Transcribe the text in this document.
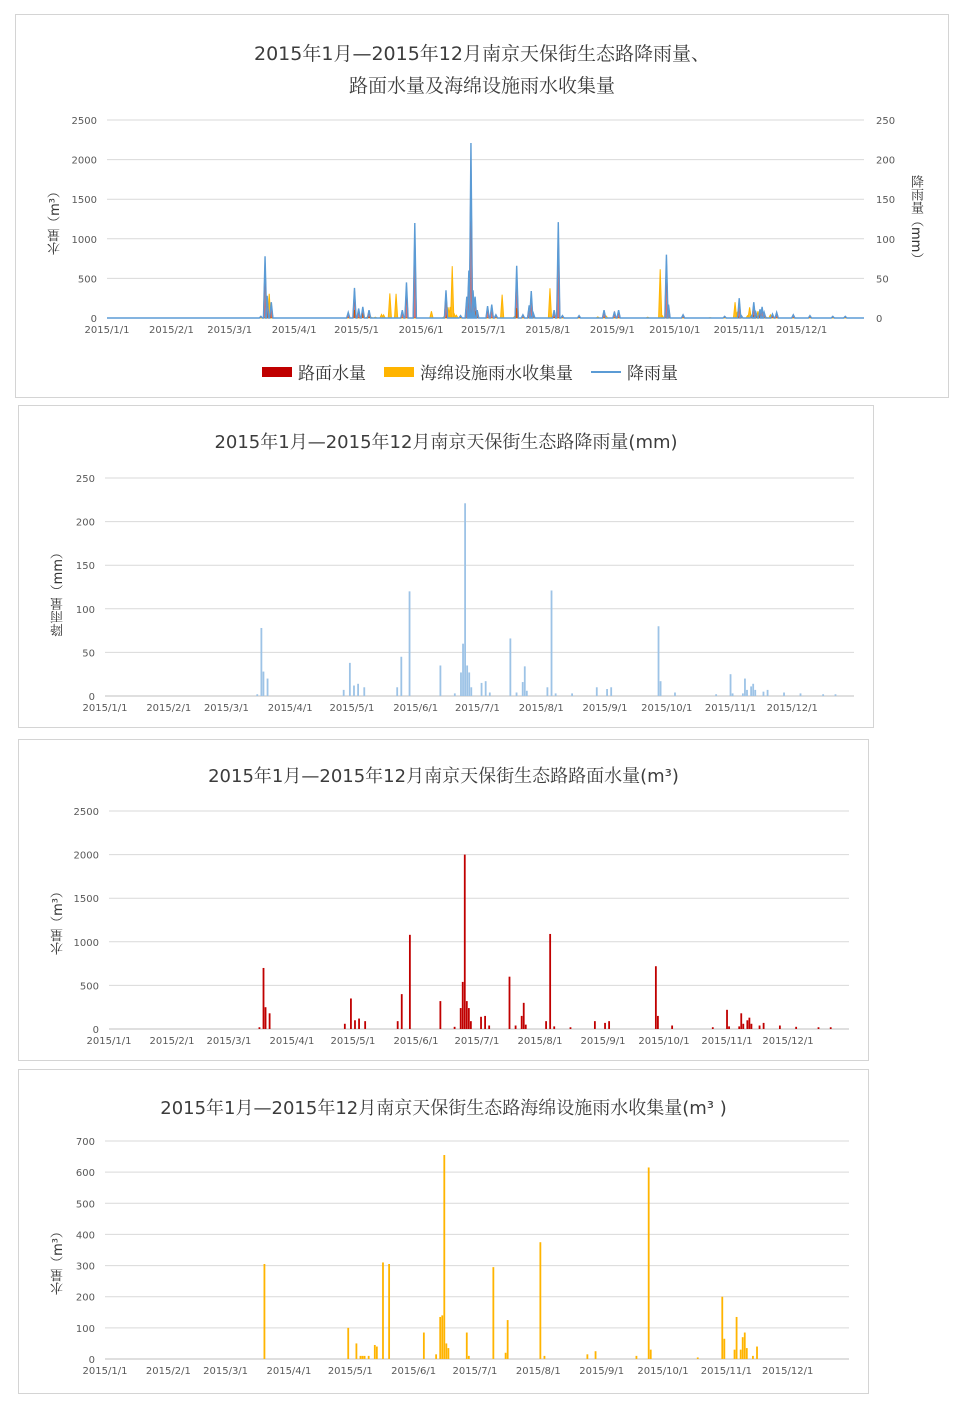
2015年1月—2015年12月南京天保街生态路降雨量、
路面水量及海绵设施雨水收集量
水量（m³）	降雨量（mm）
0
500
1000
1500
2000
2500
0
50
100
150
200
250
2015/1/1 2015/2/1 2015/3/1 2015/4/1 2015/5/1 2015/6/1 2015/7/1 2015/8/1 2015/9/1 2015/10/1 2015/11/1 2015/12/1
路面水量	海绵设施雨水收集量	降雨量
2015年1月—2015年12月南京天保街生态路降雨量(mm)
降雨量（mm）
0
50
100
150
200
250
2015/1/1 2015/2/1 2015/3/1 2015/4/1 2015/5/1 2015/6/1 2015/7/1 2015/8/1 2015/9/1 2015/10/1 2015/11/1 2015/12/1
2015年1月—2015年12月南京天保街生态路路面水量(m³)
水量（m³）
0
500
1000
1500
2000
2500
2015/1/1 2015/2/1 2015/3/1 2015/4/1 2015/5/1 2015/6/1 2015/7/1 2015/8/1 2015/9/1 2015/10/1 2015/11/1 2015/12/1
2015年1月—2015年12月南京天保街生态路海绵设施雨水收集量(m³ )
水量（m³）
0
100
200
300
400
500
600
700
2015/1/1 2015/2/1 2015/3/1 2015/4/1 2015/5/1 2015/6/1 2015/7/1 2015/8/1 2015/9/1 2015/10/1 2015/11/1 2015/12/1
